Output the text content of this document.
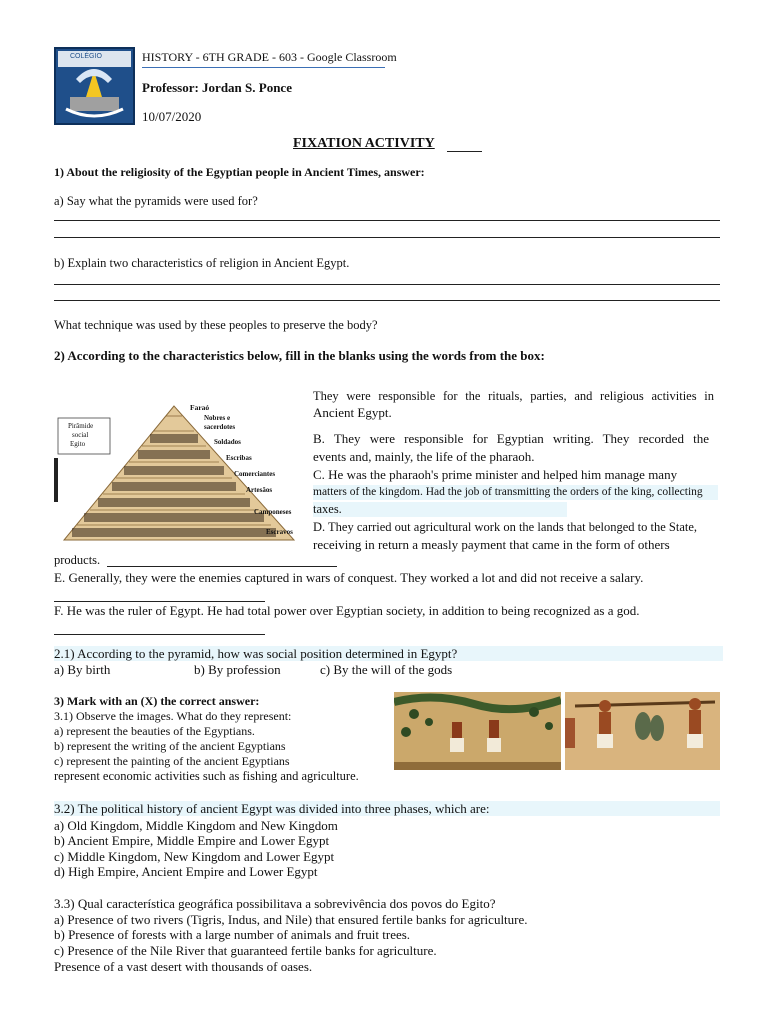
COLÉGIO	HISTORY - 6TH GRADE - 603 - Google Classroom
Professor: Jordan S. Ponce
10/07/2020
FIXATION ACTIVITY
1) About the religiosity of the Egyptian people in Ancient Times, answer:
a) Say what the pyramids were used for?
b) Explain two characteristics of religion in Ancient Egypt.
What technique was used by these peoples to preserve the body?
2) According to the characteristics below, fill in the blanks using the words from the box:
Pirâmide
social
Egito
Faraó
Nobres e
sacerdotes
Soldados
Escribas
Comerciantes
Artesãos
Camponeses
Escravos
They were responsible for the rituals, parties, and religious activities in
Ancient Egypt.
B. They were responsible for Egyptian writing. They recorded the
events and, mainly, the life of the pharaoh.
C. He was the pharaoh's prime minister and helped him manage many
matters of the kingdom. Had the job of transmitting the orders of the king, collecting
taxes.
D. They carried out agricultural work on the lands that belonged to the State,
receiving in return a measly payment that came in the form of others
products.
E. Generally, they were the enemies captured in wars of conquest. They worked a lot and did not receive a salary.
F. He was the ruler of Egypt. He had total power over Egyptian society, in addition to being recognized as a god.
2.1) According to the pyramid, how was social position determined in Egypt?
a) By birth	b) By profession	c) By the will of the gods
3) Mark with an (X) the correct answer:
3.1) Observe the images. What do they represent:
a) represent the beauties of the Egyptians.
b) represent the writing of the ancient Egyptians
c) represent the painting of the ancient Egyptians
represent economic activities such as fishing and agriculture.
3.2) The political history of ancient Egypt was divided into three phases, which are:
a) Old Kingdom, Middle Kingdom and New Kingdom
b) Ancient Empire, Middle Empire and Lower Egypt
c) Middle Kingdom, New Kingdom and Lower Egypt
d) High Empire, Ancient Empire and Lower Egypt
3.3) Qual característica geográfica possibilitava a sobrevivência dos povos do Egito?
a) Presence of two rivers (Tigris, Indus, and Nile) that ensured fertile banks for agriculture.
b) Presence of forests with a large number of animals and fruit trees.
c) Presence of the Nile River that guaranteed fertile banks for agriculture.
Presence of a vast desert with thousands of oases.
